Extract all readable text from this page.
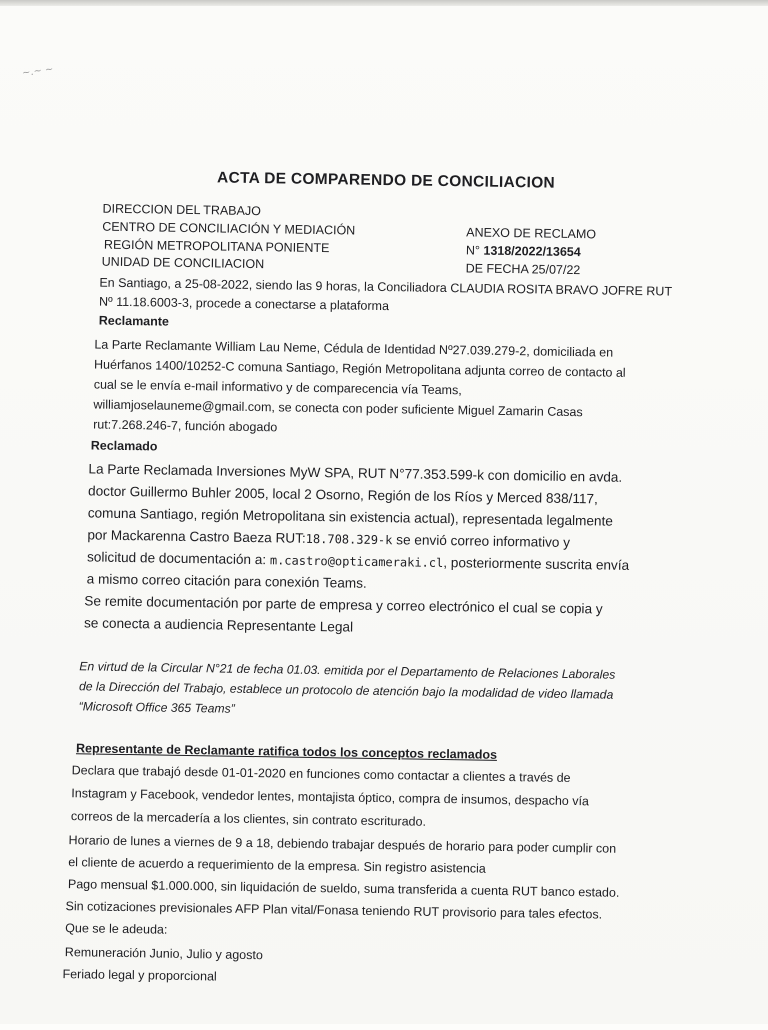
~.~ ~
ACTA DE COMPARENDO DE CONCILIACION
DIRECCION DEL TRABAJO
CENTRO DE CONCILIACIÓN Y MEDIACIÓN
REGIÓN METROPOLITANA PONIENTE
UNIDAD DE CONCILIACION
ANEXO DE RECLAMO
N° 1318/2022/13654
DE FECHA 25/07/22
En Santiago, a 25-08-2022, siendo las 9 horas, la Conciliadora CLAUDIA ROSITA BRAVO JOFRE RUT
Nº 11.18.6003-3, procede a conectarse a plataforma
Reclamante
La Parte Reclamante William Lau Neme, Cédula de Identidad Nº27.039.279-2, domiciliada en
Huérfanos 1400/10252-C comuna Santiago, Región Metropolitana adjunta correo de contacto al
cual se le envía e-mail informativo y de comparecencia vía Teams,
williamjoselauneme@gmail.com, se conecta con poder suficiente Miguel Zamarin Casas
rut:7.268.246-7, función abogado
Reclamado
La Parte Reclamada Inversiones MyW SPA, RUT N°77.353.599-k con domicilio en avda.
doctor Guillermo Buhler 2005, local 2 Osorno, Región de los Ríos y Merced 838/117,
comuna Santiago, región Metropolitana sin existencia actual), representada legalmente
por Mackarenna Castro Baeza RUT:18.708.329-k se envió correo informativo y
solicitud de documentación a: m.castro@opticameraki.cl, posteriormente suscrita envía
a mismo correo citación para conexión Teams.
Se remite documentación por parte de empresa y correo electrónico el cual se copia y
se conecta a audiencia Representante Legal
En virtud de la Circular N°21 de fecha 01.03. emitida por el Departamento de Relaciones Laborales
de la Dirección del Trabajo, establece un protocolo de atención bajo la modalidad de video llamada
“Microsoft Office 365 Teams”
Representante de Reclamante ratifica todos los conceptos reclamados
Declara que trabajó desde 01-01-2020 en funciones como contactar a clientes a través de
Instagram y Facebook, vendedor lentes, montajista óptico, compra de insumos, despacho vía
correos de la mercadería a los clientes, sin contrato escriturado.
Horario de lunes a viernes de 9 a 18, debiendo trabajar después de horario para poder cumplir con
el cliente de acuerdo a requerimiento de la empresa. Sin registro asistencia
Pago mensual $1.000.000, sin liquidación de sueldo, suma transferida a cuenta RUT banco estado.
Sin cotizaciones previsionales AFP Plan vital/Fonasa teniendo RUT provisorio para tales efectos.
Que se le adeuda:
Remuneración Junio, Julio y agosto
Feriado legal y proporcional
